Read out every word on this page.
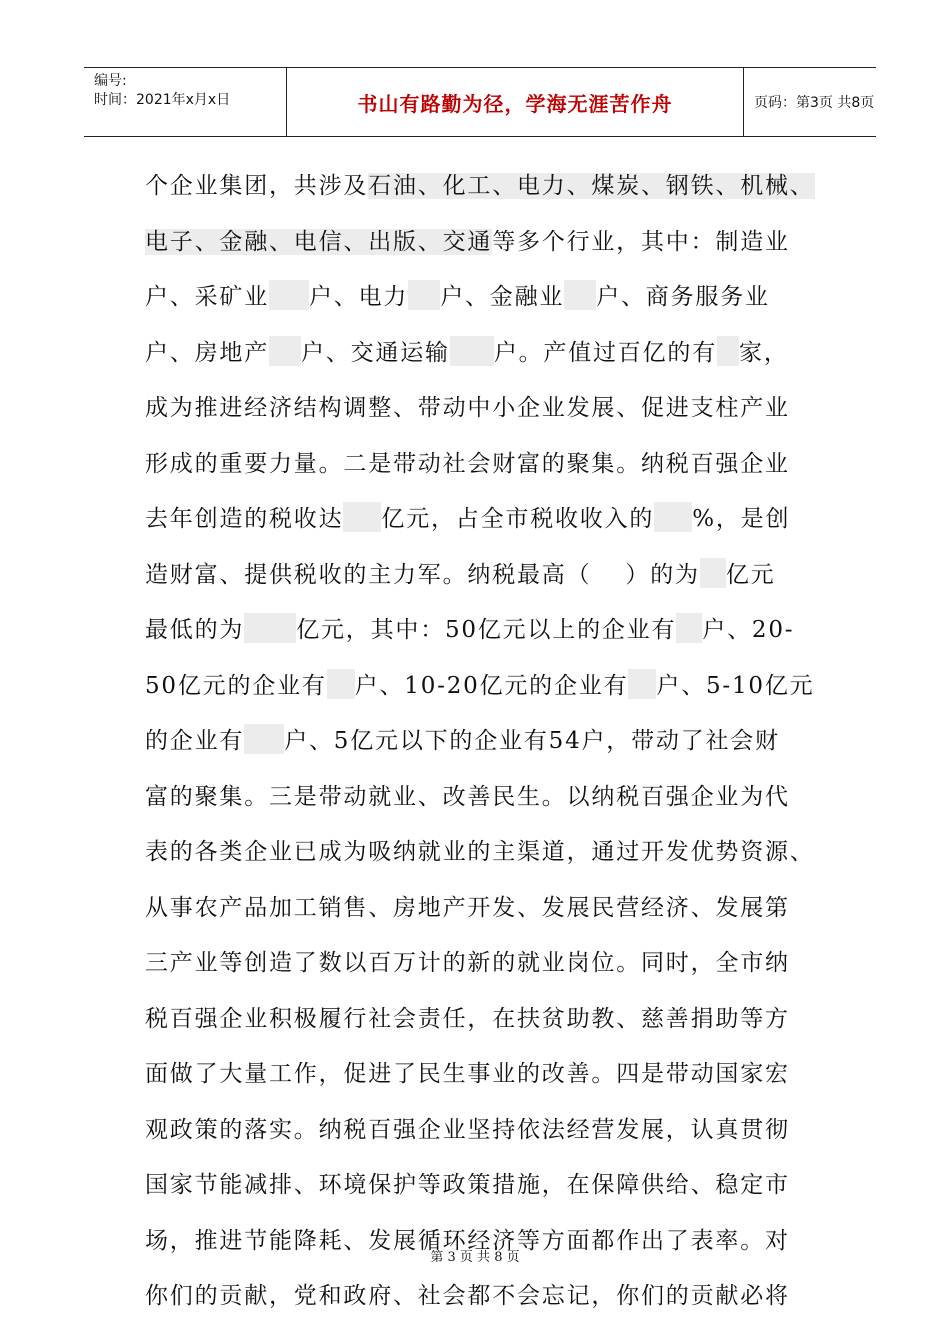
编号:
时间：2021年x月x日	书山有路勤为径，学海无涯苦作舟	页码：第3页 共8页
个企业集团，共涉及石油、化工、电力、煤炭、钢铁、机械、
电子、金融、电信、出版、交通等多个行业，其中：制造业
户、采矿业 户、电力 户、金融业 户、商务服务业
户、房地产 户、交通运输 户。产值过百亿的有 家，
成为推进经济结构调整、带动中小企业发展、促进支柱产业
形成的重要力量。二是带动社会财富的聚集。纳税百强企业
去年创造的税收达 亿元，占全市税收收入的 %，是创
造财富、提供税收的主力军。纳税最高（ ）的为 亿元
最低的为 亿元，其中：50亿元以上的企业有 户、20-
50亿元的企业有 户、10-20亿元的企业有 户、5-10亿元
的企业有 户、5亿元以下的企业有54户，带动了社会财
富的聚集。三是带动就业、改善民生。以纳税百强企业为代
表的各类企业已成为吸纳就业的主渠道，通过开发优势资源、
从事农产品加工销售、房地产开发、发展民营经济、发展第
三产业等创造了数以百万计的新的就业岗位。同时，全市纳
税百强企业积极履行社会责任，在扶贫助教、慈善捐助等方
面做了大量工作，促进了民生事业的改善。四是带动国家宏
观政策的落实。纳税百强企业坚持依法经营发展，认真贯彻
国家节能减排、环境保护等政策措施，在保障供给、稳定市
场，推进节能降耗、发展循环经济等方面都作出了表率。对
你们的贡献，党和政府、社会都不会忘记，你们的贡献必将
第 3 页 共 8 页
